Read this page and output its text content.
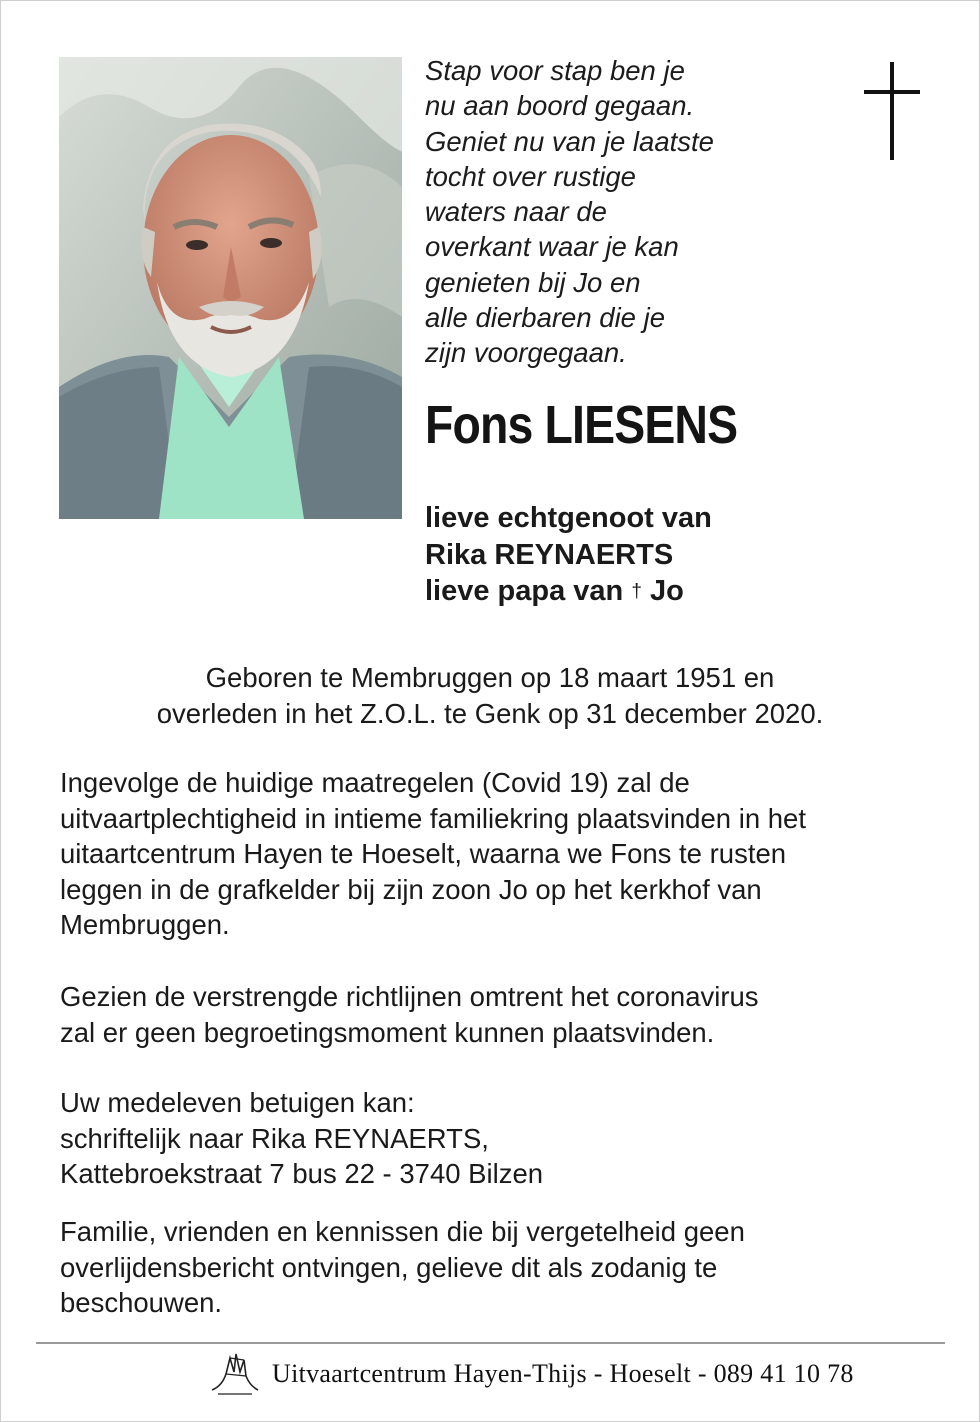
Stap voor stap ben je
nu aan boord gegaan.
Geniet nu van je laatste
tocht over rustige
waters naar de
overkant waar je kan
genieten bij Jo en
alle dierbaren die je
zijn voorgegaan.
Fons LIESENS
lieve echtgenoot van
Rika REYNAERTS
lieve papa van † Jo
Geboren te Membruggen op 18 maart 1951 en
overleden in het Z.O.L. te Genk op 31 december 2020.
Ingevolge de huidige maatregelen (Covid 19) zal de
uitvaartplechtigheid in intieme familiekring plaatsvinden in het
uitaartcentrum Hayen te Hoeselt, waarna we Fons te rusten
leggen in de grafkelder bij zijn zoon Jo op het kerkhof van
Membruggen.
Gezien de verstrengde richtlijnen omtrent het coronavirus
zal er geen begroetingsmoment kunnen plaatsvinden.
Uw medeleven betuigen kan:
schriftelijk naar Rika REYNAERTS,
Kattebroekstraat 7 bus 22 - 3740 Bilzen
Familie, vrienden en kennissen die bij vergetelheid geen
overlijdensbericht ontvingen, gelieve dit als zodanig te
beschouwen.
Uitvaartcentrum Hayen-Thijs - Hoeselt - 089 41 10 78
